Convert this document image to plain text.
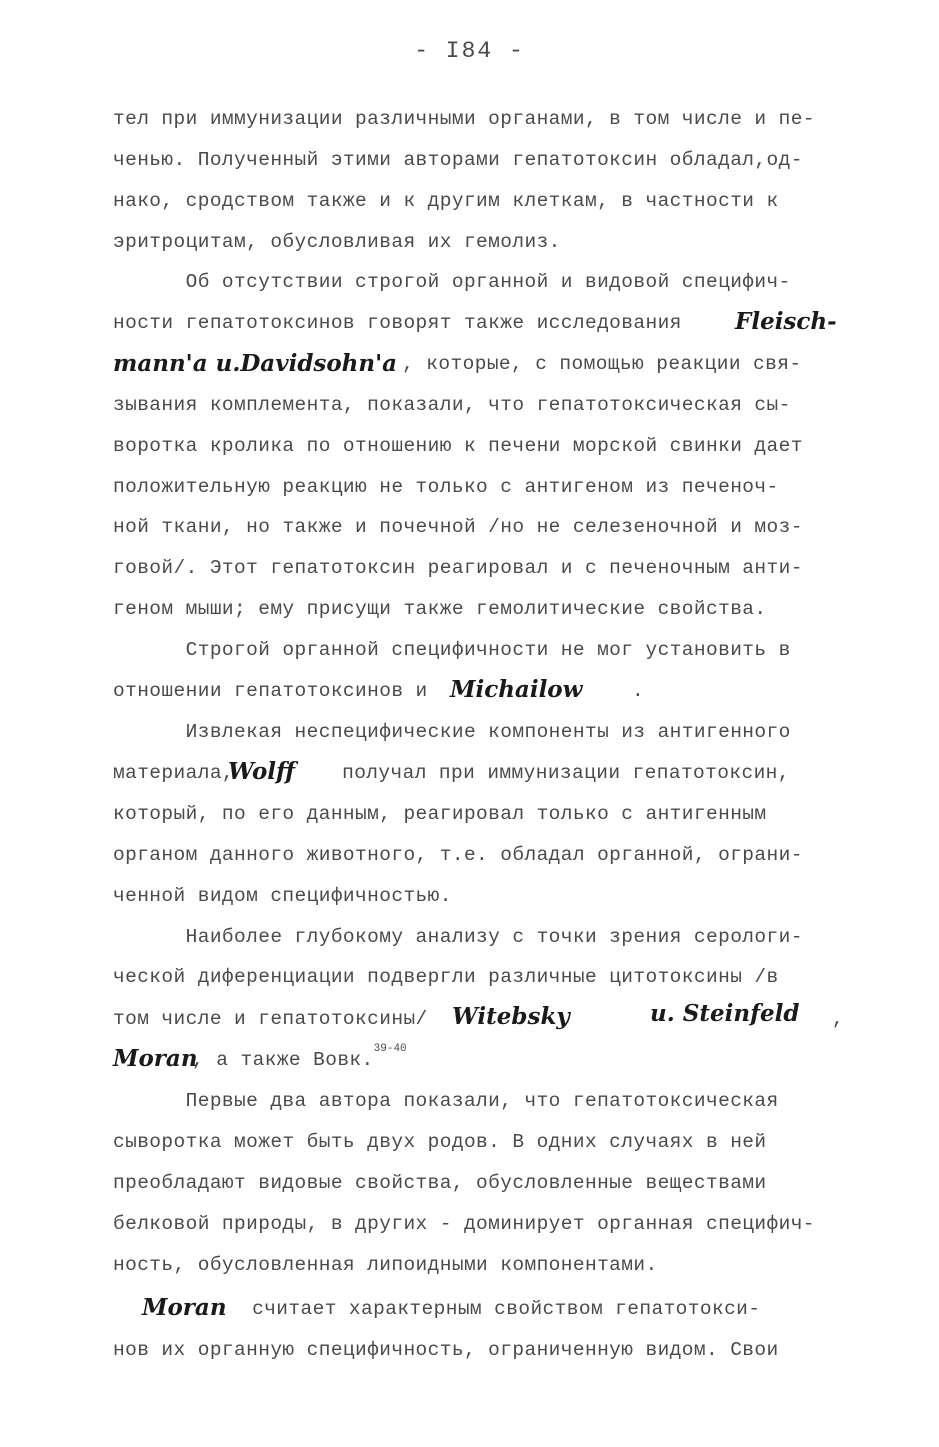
- I84 -
тел при иммунизации различными органами, в том числе и пе-
ченью. Полученный этими авторами гепатотоксин обладал,од-
нако, сродством также и к другим клеткам, в частности к
эритроцитам, обусловливая их гемолиз.
Об отсутствии строгой органной и видовой специфич-
ности гепатотоксинов говорят также исследования Fleisch-
mann'a u.Davidsohn'a
, которые, с помощью реакции свя-
зывания комплемента, показали, что гепатотоксическая сы-
воротка кролика по отношению к печени морской свинки дает
положительную реакцию не только с антигеном из печеноч-
ной ткани, но также и почечной /но не селезеночной и моз-
говой/. Этот гепатотоксин реагировал и с печеночным анти-
геном мыши; ему присущи также гемолитические свойства.
Строгой органной специфичности не мог установить в
отношении гепатотоксинов и Michailow	.
Извлекая неспецифические компоненты из антигенного
материала,
Wolff получал при иммунизации гепатотоксин,
который, по его данным, реагировал только с антигенным
органом данного животного, т.е. обладал органной, ограни-
ченной видом специфичностью.
Наиболее глубокому анализу с точки зрения серологи-
ческой диференциации подвергли различные цитотоксины /в
том числе и гепатотоксины/ Witebsky	u. Steinfeld ,
Moran
, а также Вовк.$^{39-40}$
Первые два автора показали, что гепатотоксическая
сыворотка может быть двух родов. В одних случаях в ней
преобладают видовые свойства, обусловленные веществами
белковой природы, в других - доминирует органная специфич-
ность, обусловленная липоидными компонентами.
Moran считает характерным свойством гепатотокси-
нов их органную специфичность, ограниченную видом. Свои
